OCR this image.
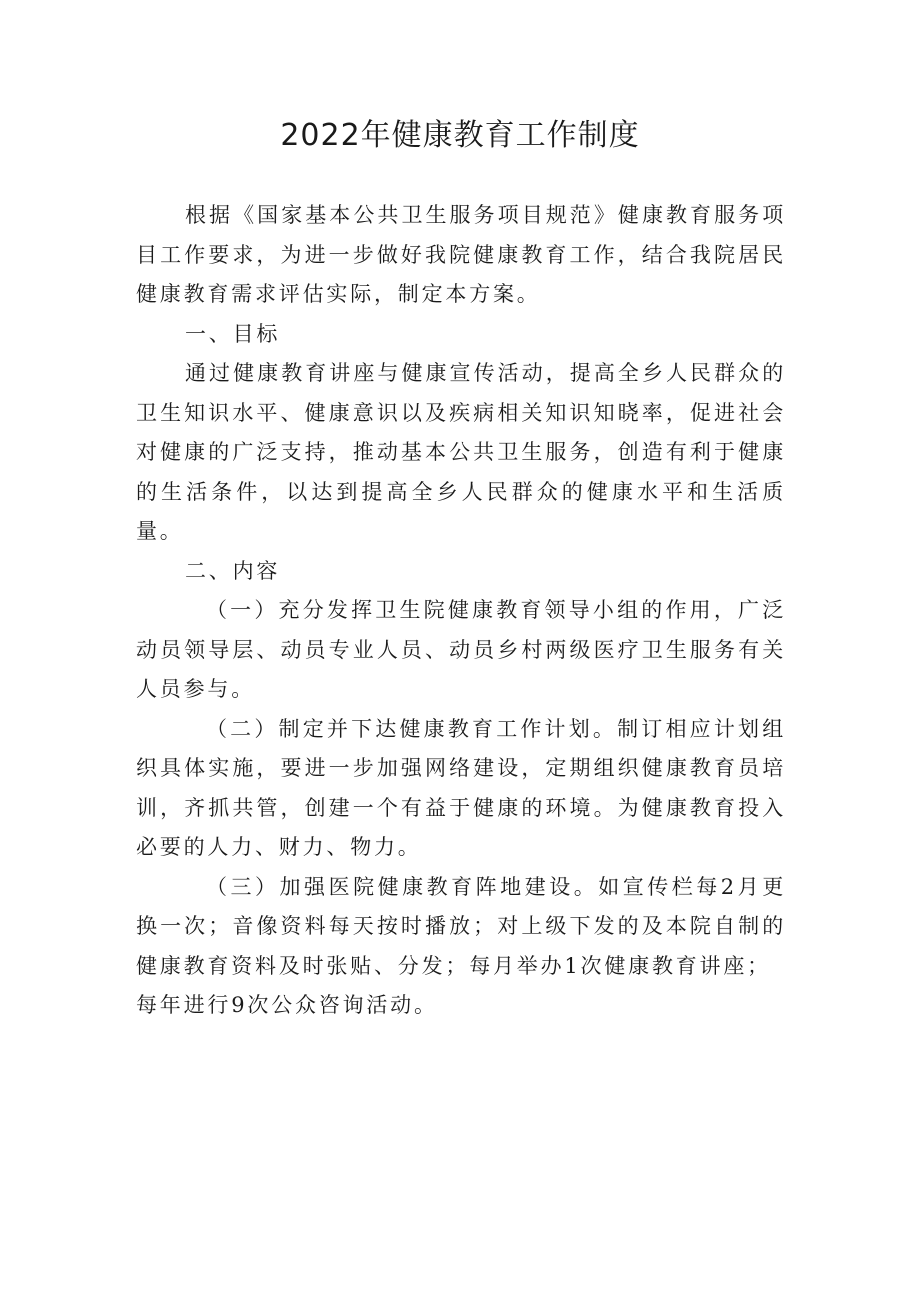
2022年健康教育工作制度

根据《国家基本公共卫生服务项目规范》健康教育服务项目工作要求，为进一步做好我院健康教育工作，结合我院居民健康教育需求评估实际，制定本方案。

一、目标

通过健康教育讲座与健康宣传活动，提高全乡人民群众的卫生知识水平、健康意识以及疾病相关知识知晓率，促进社会对健康的广泛支持，推动基本公共卫生服务，创造有利于健康的生活条件，以达到提高全乡人民群众的健康水平和生活质量。

二、内容

（一）充分发挥卫生院健康教育领导小组的作用，广泛动员领导层、动员专业人员、动员乡村两级医疗卫生服务有关人员参与。

（二）制定并下达健康教育工作计划。制订相应计划组织具体实施，要进一步加强网络建设，定期组织健康教育员培训，齐抓共管，创建一个有益于健康的环境。为健康教育投入必要的人力、财力、物力。

（三）加强医院健康教育阵地建设。如宣传栏每2月更换一次；音像资料每天按时播放；对上级下发的及本院自制的健康教育资料及时张贴、分发；每月举办1次健康教育讲座；

每年进行9次公众咨询活动。
